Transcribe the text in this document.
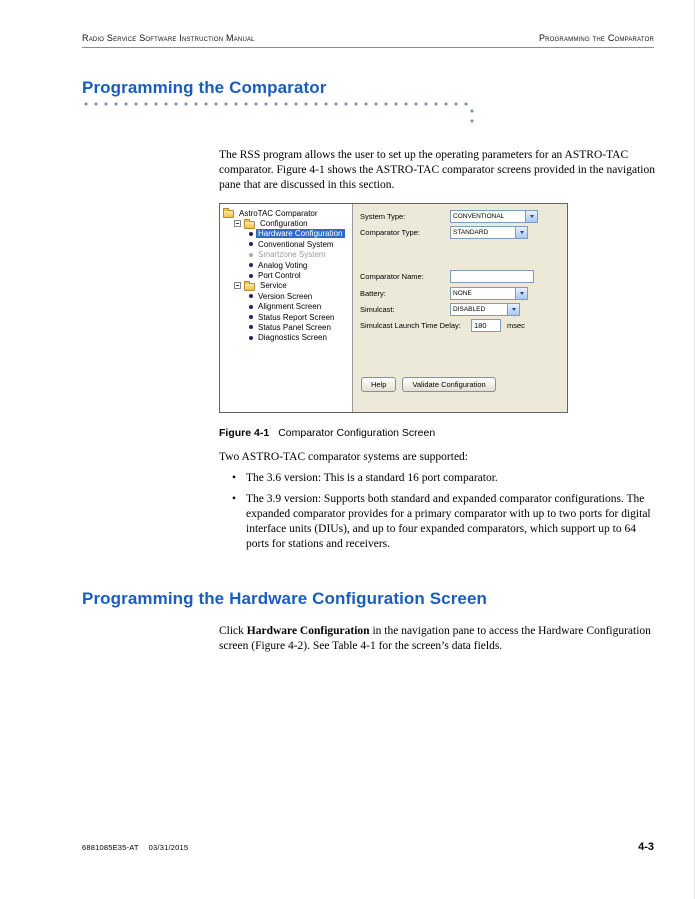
Radio Service Software Instruction Manual	Programming the Comparator
Programming the Comparator

The RSS program allows the user to set up the operating parameters for an ASTRO-TAC comparator. Figure 4-1 shows the ASTRO-TAC comparator screens provided in the navigation pane that are discussed in this section.

AstroTAC Comparator
Configuration
Hardware Configuration
Conventional System
Smartzone System
Analog Voting
Port Control
Service
Version Screen
Alignment Screen
Status Report Screen
Status Panel Screen
Diagnostics Screen
System Type:	CONVENTIONAL
Comparator Type:	STANDARD
Comparator Name:
Battery:	NONE
Simulcast:	DISABLED
Simulcast Launch Time Delay:
180	msec
Help	Validate Configuration

Figure 4-1 Comparator Configuration Screen

Two ASTRO-TAC comparator systems are supported:

• The 3.6 version: This is a standard 16 port comparator.
• The 3.9 version: Supports both standard and expanded comparator configurations. The expanded comparator provides for a primary comparator with up to two ports for digital interface units (DIUs), and up to four expanded comparators, which support up to 64 ports for stations and receivers.
Programming the Hardware Configuration Screen

Click Hardware Configuration in the navigation pane to access the Hardware Configuration screen (Figure 4-2). See Table 4-1 for the screen’s data fields.

6881085E35-AT 03/31/2015	4-3
